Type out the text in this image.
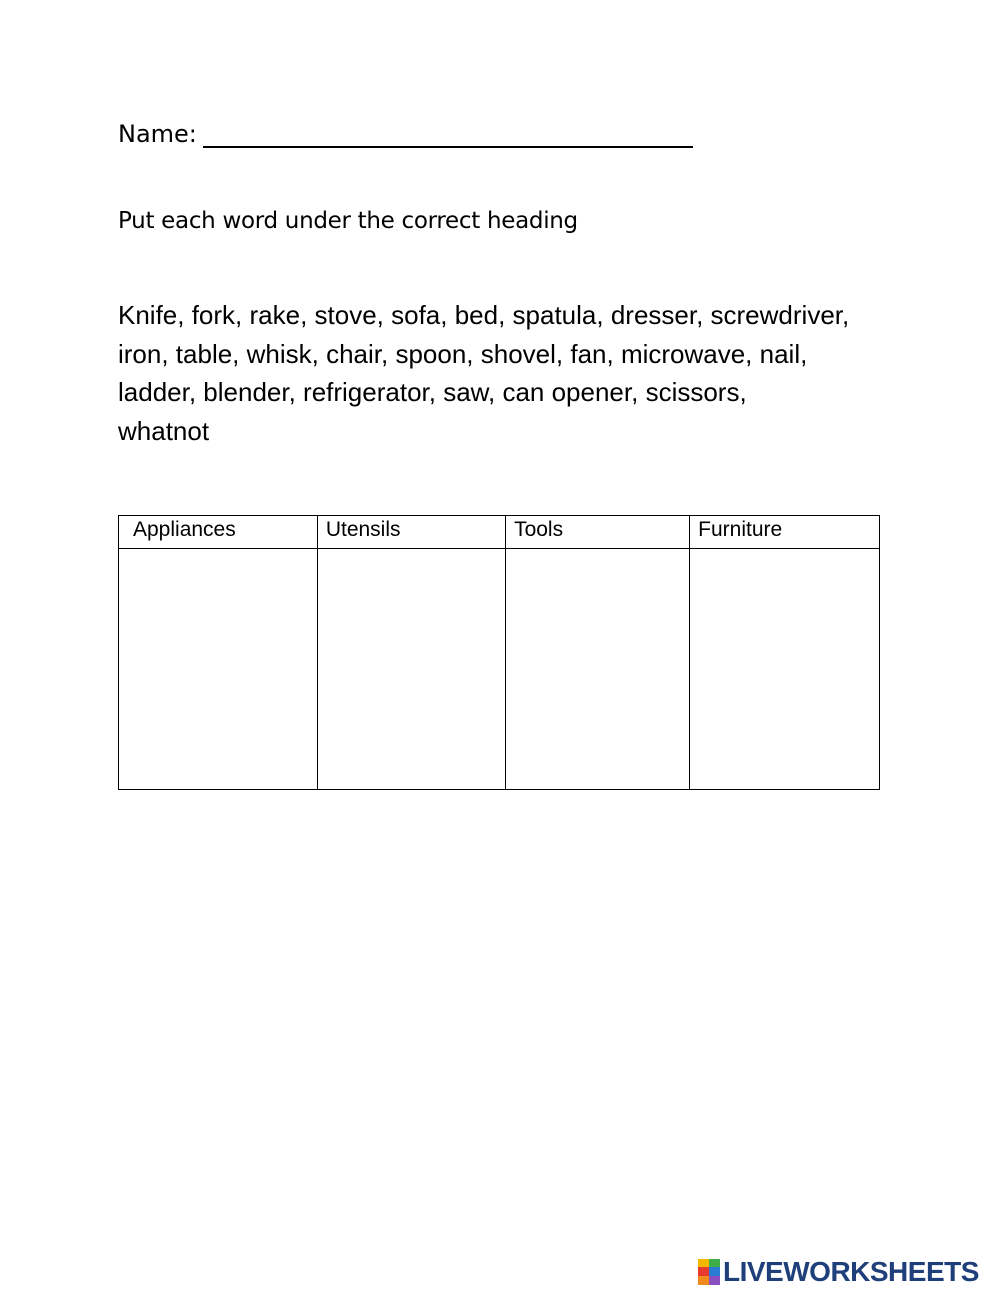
Name:
Put each word under the correct heading
Knife, fork, rake, stove, sofa, bed, spatula, dresser, screwdriver,
iron, table, whisk, chair, spoon, shovel, fan, microwave, nail,
ladder, blender, refrigerator, saw, can opener, scissors,
whatnot
Appliances	Utensils	Tools	Furniture

LIVEWORKSHEETS
